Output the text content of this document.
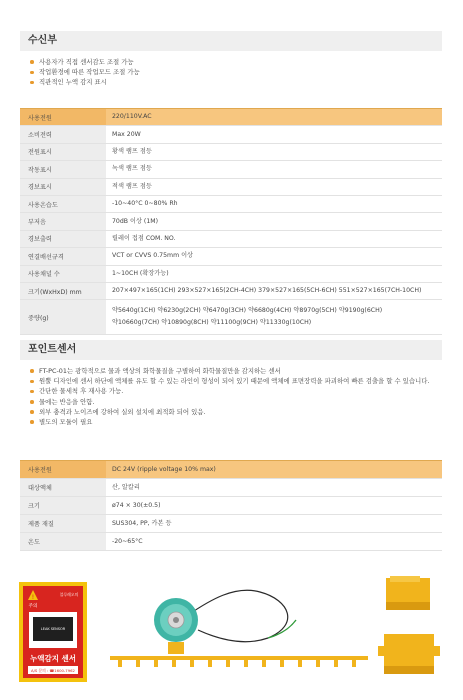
수신부
사용자가 직접 센서감도 조절 가능
작업환경에 따른 작업모드 조절 가능
직관적인 누액 감지 표시
사용전원	220/110V.AC

소비전력	Max 20W

전원표시	황색 램프 점등

작동표시	녹색 램프 점등

경보표시	적색 램프 점등

사용온습도	-10~40°C 0~80% Rh

부저음	70dB 이상 (1M)

경보출력	릴레이 접점 COM. NO.

연결배선규격	VCT or CVVS 0.75mm 이상

사용채널 수	1~10CH (확장가능)

크기(WxHxD) mm	207×497×165(1CH) 293×527×165(2CH-4CH) 379×527×165(5CH-6CH) 551×527×165(7CH-10CH)

중량(g)	약5640g(1CH) 약6230g(2CH) 약6470g(3CH) 약6680g(4CH) 약8970g(5CH) 약9190g(6CH)
약10660g(7CH) 약10890g(8CH) 약11100g(9CH) 약11330g(10CH)
포인트센서
FT-PC-01는 광학적으로 물과 액상의 화학물질을 구별하여 화학물질만을 감지하는 센서
원뿔 디자인에 센서 하단에 액체를 유도 할 수 있는 라인이 형성이 되어 있기 때문에 액체에 표면장력을 파괴하여 빠른 검출을 할 수 있습니다.
간단한 물세척 후 재사용 가능.
물에는 반응을 안함.
외부 충격과 노이즈에 강하여 실외 설치에 최적화 되어 있음.
별도의 모듈이 필요
사용전원	DC 24V (ripple voltage 10% max)

대상액체	산, 알칼리

크기	ø74 × 30(±0.5)

제품 재질	SUS304, PP, 카본 등

온도	-20~65°C
!
주의
블루레오의
LEAK SENSOR
누액감지 센서
A/S 문의 : ☎1600-7962
